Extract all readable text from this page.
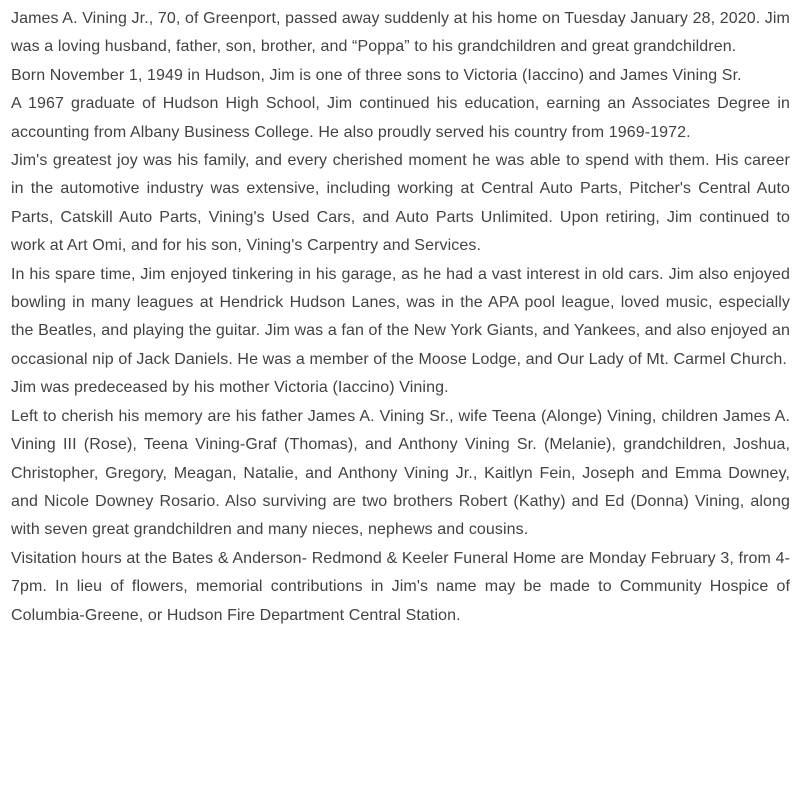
James A. Vining Jr., 70, of Greenport, passed away suddenly at his home on Tuesday January 28, 2020. Jim was a loving husband, father, son, brother, and “Poppa” to his grandchildren and great grandchildren.

Born November 1, 1949 in Hudson, Jim is one of three sons to Victoria (Iaccino) and James Vining Sr.

A 1967 graduate of Hudson High School, Jim continued his education, earning an Associates Degree in accounting from Albany Business College. He also proudly served his country from 1969-1972.

Jim's greatest joy was his family, and every cherished moment he was able to spend with them. His career in the automotive industry was extensive, including working at Central Auto Parts, Pitcher's Central Auto Parts, Catskill Auto Parts, Vining's Used Cars, and Auto Parts Unlimited. Upon retiring, Jim continued to work at Art Omi, and for his son, Vining's Carpentry and Services.

In his spare time, Jim enjoyed tinkering in his garage, as he had a vast interest in old cars. Jim also enjoyed bowling in many leagues at Hendrick Hudson Lanes, was in the APA pool league, loved music, especially the Beatles, and playing the guitar. Jim was a fan of the New York Giants, and Yankees, and also enjoyed an occasional nip of Jack Daniels. He was a member of the Moose Lodge, and Our Lady of Mt. Carmel Church.

Jim was predeceased by his mother Victoria (Iaccino) Vining.

Left to cherish his memory are his father James A. Vining Sr., wife Teena (Alonge) Vining, children James A. Vining III (Rose), Teena Vining-Graf (Thomas), and Anthony Vining Sr. (Melanie), grandchildren, Joshua, Christopher, Gregory, Meagan, Natalie, and Anthony Vining Jr., Kaitlyn Fein, Joseph and Emma Downey, and Nicole Downey Rosario. Also surviving are two brothers Robert (Kathy) and Ed (Donna) Vining, along with seven great grandchildren and many nieces, nephews and cousins.

Visitation hours at the Bates & Anderson- Redmond & Keeler Funeral Home are Monday February 3, from 4-7pm. In lieu of flowers, memorial contributions in Jim's name may be made to Community Hospice of Columbia-Greene, or Hudson Fire Department Central Station.
